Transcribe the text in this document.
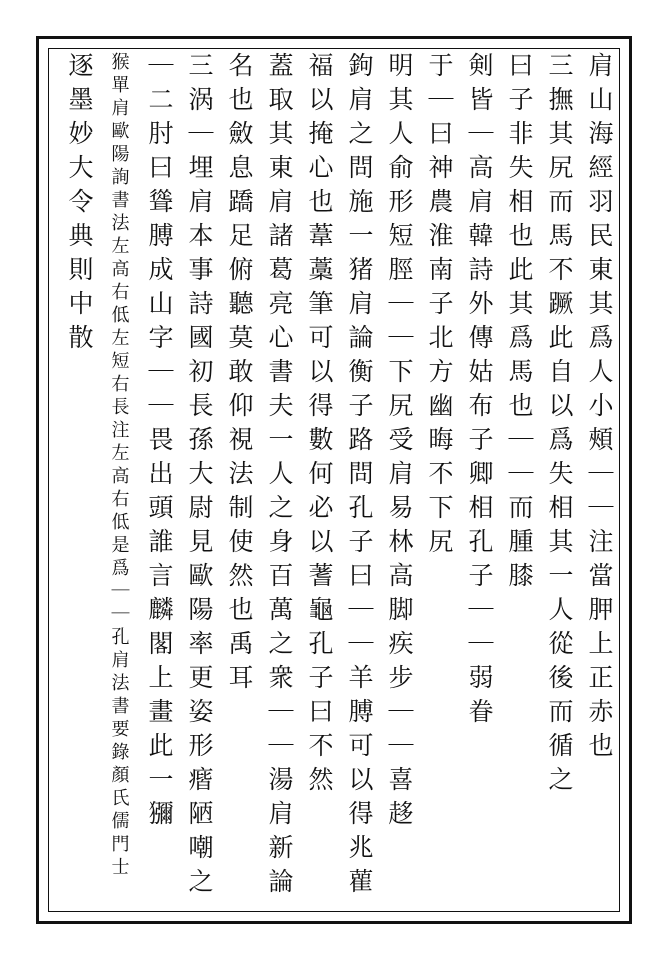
肩山海經羽民東其爲人小頰｜｜注當胛上正赤也
三撫其尻而馬不蹶此自以爲失相其一人從後而循之
曰子非失相也此其爲馬也｜｜而腫膝
剣皆｜高肩韓詩外傳姑布子卿相孔子｜｜弱眷
于｜曰神農淮南子北方幽晦不下尻
明其人俞形短脛｜｜下尻受肩易林高脚疾步｜｜喜趍
鉤肩之問施一猪肩論衡子路問孔子曰｜｜羊膊可以得兆雚
福以掩心也葦藁筆可以得數何必以蓍龜孔子曰不然
蓋取其東肩諸葛亮心書夫一人之身百萬之衆｜｜湯肩新論
名也斂息蹻足俯聽莫敢仰視法制使然也禹耳
三涡｜埋肩本事詩國初長孫大尉見歐陽率更姿形㾬陋嘲之
｜二肘曰聳膊成山字｜｜畏出頭誰言麟閣上畫此一獼
猴單肩歐陽詢書法左高右低左短右長注左高右低是爲｜｜孔肩法書要錄顏氏儒門士
逐墨妙大令典則中散
